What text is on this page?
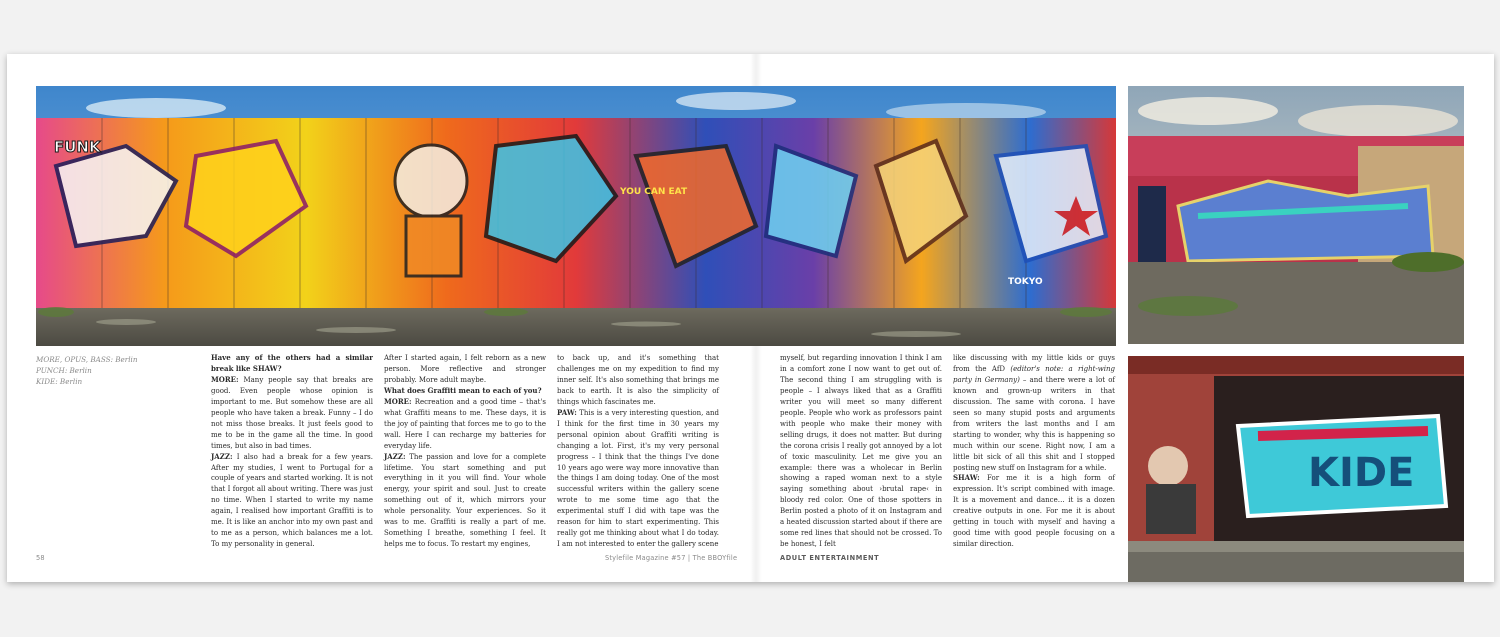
FUNK
YOU CAN EAT
TOKYO
KIDE
MORE, OPUS, BASS: Berlin
PUNCH: Berlin
KIDE: Berlin

Have any of the others had a similar break like SHAW?

MORE: Many people say that breaks are good. Even people whose opinion is important to me. But somehow these are all people who have taken a break. Funny – I do not miss those breaks. It just feels good to me to be in the game all the time. In good times, but also in bad times.

JAZZ: I also had a break for a few years. After my studies, I went to Portugal for a couple of years and started working. It is not that I forgot all about writing. There was just no time. When I started to write my name again, I realised how important Graffiti is to me. It is like an anchor into my own past and to me as a person, which balances me a lot. To my personality in general.

After I started again, I felt reborn as a new person. More reflective and stronger probably. More adult maybe.

What does Graffiti mean to each of you?

MORE: Recreation and a good time – that's what Graffiti means to me. These days, it is the joy of painting that forces me to go to the wall. Here I can recharge my batteries for everyday life.

JAZZ: The passion and love for a complete lifetime. You start something and put everything in it you will find. Your whole energy, your spirit and soul. Just to create something out of it, which mirrors your whole personality. Your experiences. So it was to me. Graffiti is really a part of me. Something I breathe, something I feel. It helps me to focus. To restart my engines,

to back up, and it's something that challenges me on my expedition to find my inner self. It's also something that brings me back to earth. It is also the simplicity of things which fascinates me.

PAW: This is a very interesting question, and I think for the first time in 30 years my personal opinion about Graffiti writing is changing a lot. First, it's my very personal progress – I think that the things I've done 10 years ago were way more innovative than the things I am doing today. One of the most successful writers within the gallery scene wrote to me some time ago that the experimental stuff I did with tape was the reason for him to start experimenting. This really got me thinking about what I do today. I am not interested to enter the gallery scene

myself, but regarding innovation I think I am in a comfort zone I now want to get out of. The second thing I am struggling with is people – I always liked that as a Graffiti writer you will meet so many different people. People who work as professors paint with people who make their money with selling drugs, it does not matter. But during the corona crisis I really got annoyed by a lot of toxic masculinity. Let me give you an example: there was a wholecar in Berlin showing a raped woman next to a style saying something about ›brutal rape‹ in bloody red color. One of those spotters in Berlin posted a photo of it on Instagram and a heated discussion started about if there are some red lines that should not be crossed. To be honest, I felt

like discussing with my little kids or guys from the AfD (editor's note: a right-wing party in Germany) – and there were a lot of known and grown-up writers in that discussion. The same with corona. I have seen so many stupid posts and arguments from writers the last months and I am starting to wonder, why this is happening so much within our scene. Right now, I am a little bit sick of all this shit and I stopped posting new stuff on Instagram for a while.

SHAW: For me it is a high form of expression. It's script combined with image. It is a movement and dance… it is a dozen creative outputs in one. For me it is about getting in touch with myself and having a good time with good people focusing on a similar direction.

58	Stylefile Magazine #57 | The BBOYfile	ADULT ENTERTAINMENT
